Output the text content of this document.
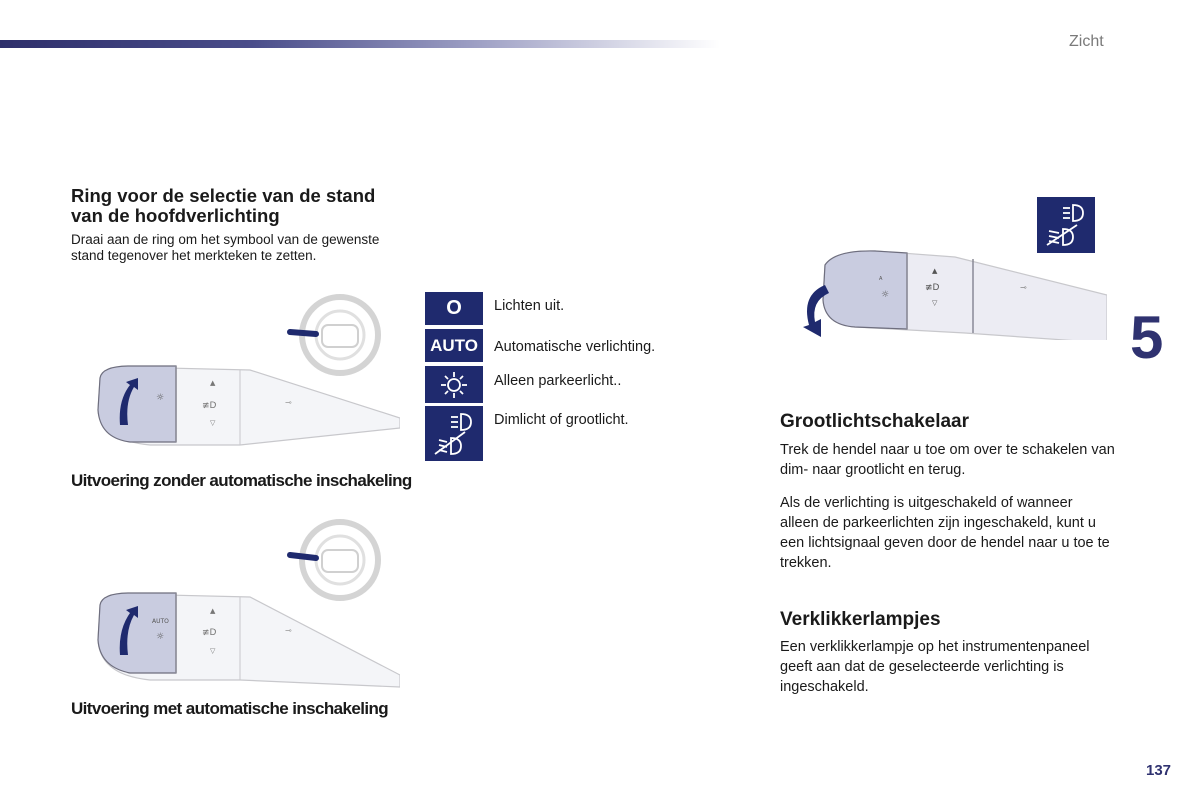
Zicht
5
137
Ring voor de selectie van de stand van de hoofdverlichting
Draai aan de ring om het symbool van de gewenste stand tegenover het merkteken te zetten.
☼
▲
≢D
▽
⊸
Uitvoering zonder automatische inschakeling
AUTO
☼
▲
≢D
▽
⊸
Uitvoering met automatische inschakeling
O	Lichten uit.
AUTO	Automatische verlichting.
Alleen parkeerlicht..
Dimlicht of grootlicht.
A
☼
▲
≢D
▽
⊸
Grootlichtschakelaar
Trek de hendel naar u toe om over te schakelen van dim- naar grootlicht en terug.
Als de verlichting is uitgeschakeld of wanneer alleen de parkeerlichten zijn ingeschakeld, kunt u een lichtsignaal geven door de hendel naar u toe te trekken.
Verklikkerlampjes
Een verklikkerlampje op het instrumentenpaneel geeft aan dat de geselecteerde verlichting is ingeschakeld.
